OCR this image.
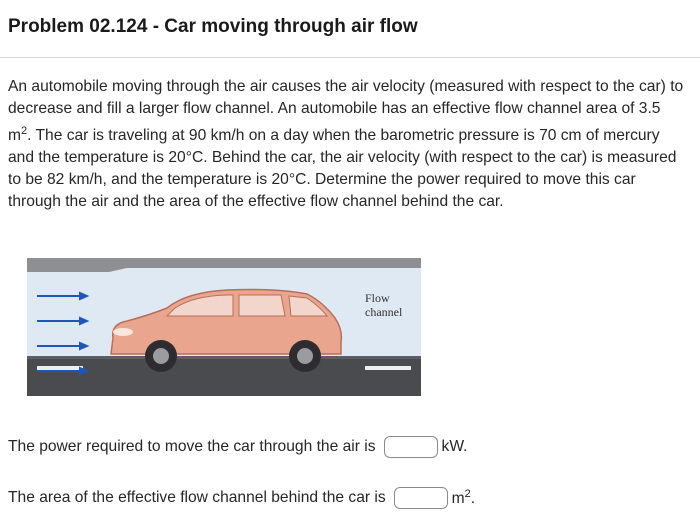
Problem 02.124 - Car moving through air flow
An automobile moving through the air causes the air velocity (measured with respect to the car) to decrease and fill a larger flow channel. An automobile has an effective flow channel area of 3.5 $m^2$. The car is traveling at 90 km/h on a day when the barometric pressure is 70 cm of mercury and the temperature is 20°C. Behind the car, the air velocity (with respect to the car) is measured to be 82 km/h, and the temperature is 20°C. Determine the power required to move this car through the air and the area of the effective flow channel behind the car.
Flow
channel
The power required to move the car through the air is	kW.
The area of the effective flow channel behind the car is	$m^2$.
